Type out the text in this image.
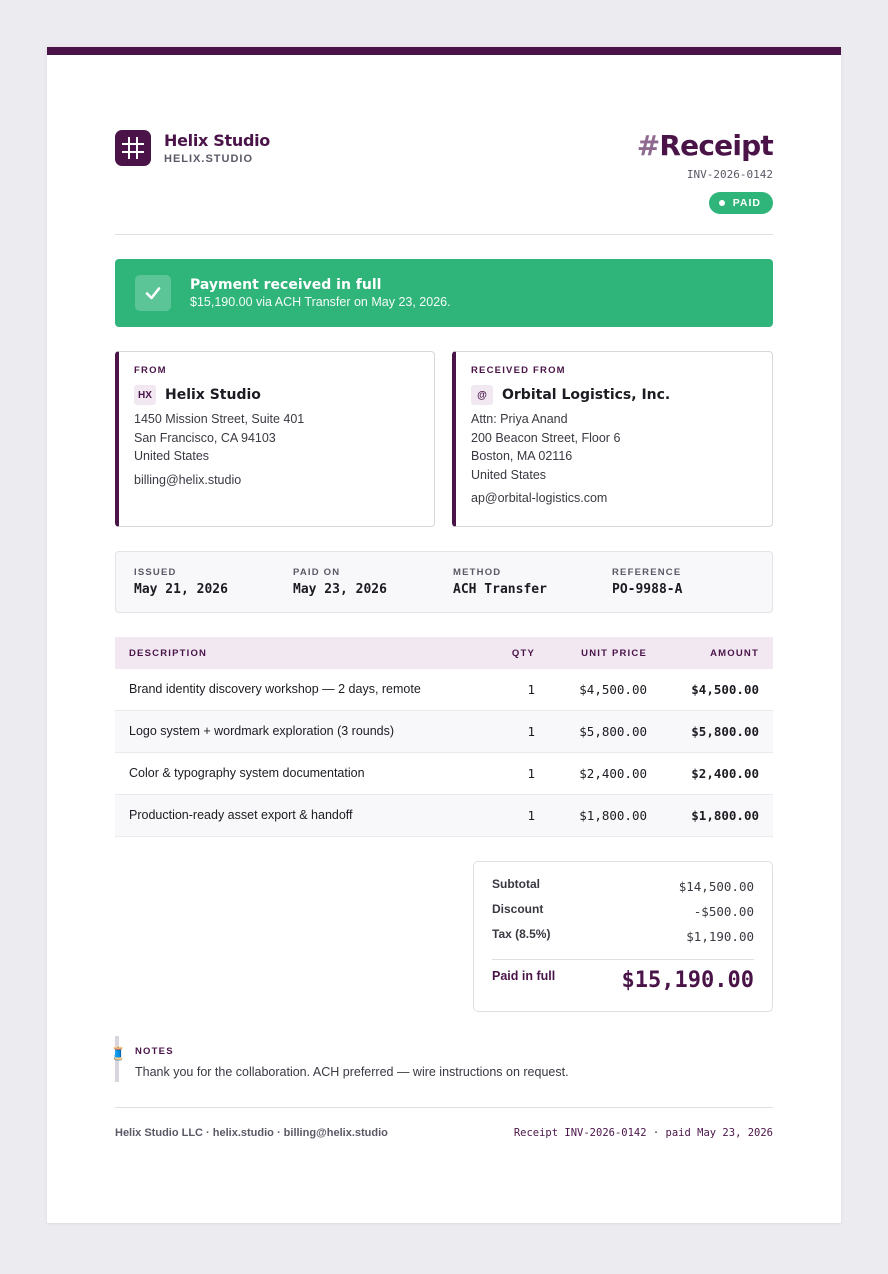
Helix Studio
HELIX.STUDIO	#Receipt
INV-2026-0142
PAID
Payment received in full
$15,190.00 via ACH Transfer on May 23, 2026.
FROM
HX Helix Studio
1450 Mission Street, Suite 401
San Francisco, CA 94103
United States
billing@helix.studio
RECEIVED FROM
@	Orbital Logistics, Inc.
Attn: Priya Anand
200 Beacon Street, Floor 6
Boston, MA 02116
United States
ap@orbital-logistics.com
ISSUED
May 21, 2026
PAID ON
May 23, 2026
METHOD
ACH Transfer
REFERENCE
PO-9988-A
DESCRIPTION	QTY	UNIT PRICE	AMOUNT
Brand identity discovery workshop — 2 days, remote	1	$4,500.00	$4,500.00
Logo system + wordmark exploration (3 rounds)	1	$5,800.00	$5,800.00
Color & typography system documentation	1	$2,400.00	$2,400.00
Production-ready asset export & handoff	1	$1,800.00	$1,800.00
Subtotal	$14,500.00
Discount	-$500.00
Tax (8.5%)	$1,190.00
Paid in full	$15,190.00
🧵 NOTES
Thank you for the collaboration. ACH preferred — wire instructions on request.
Helix Studio LLC · helix.studio · billing@helix.studio	Receipt INV-2026-0142 · paid May 23, 2026
